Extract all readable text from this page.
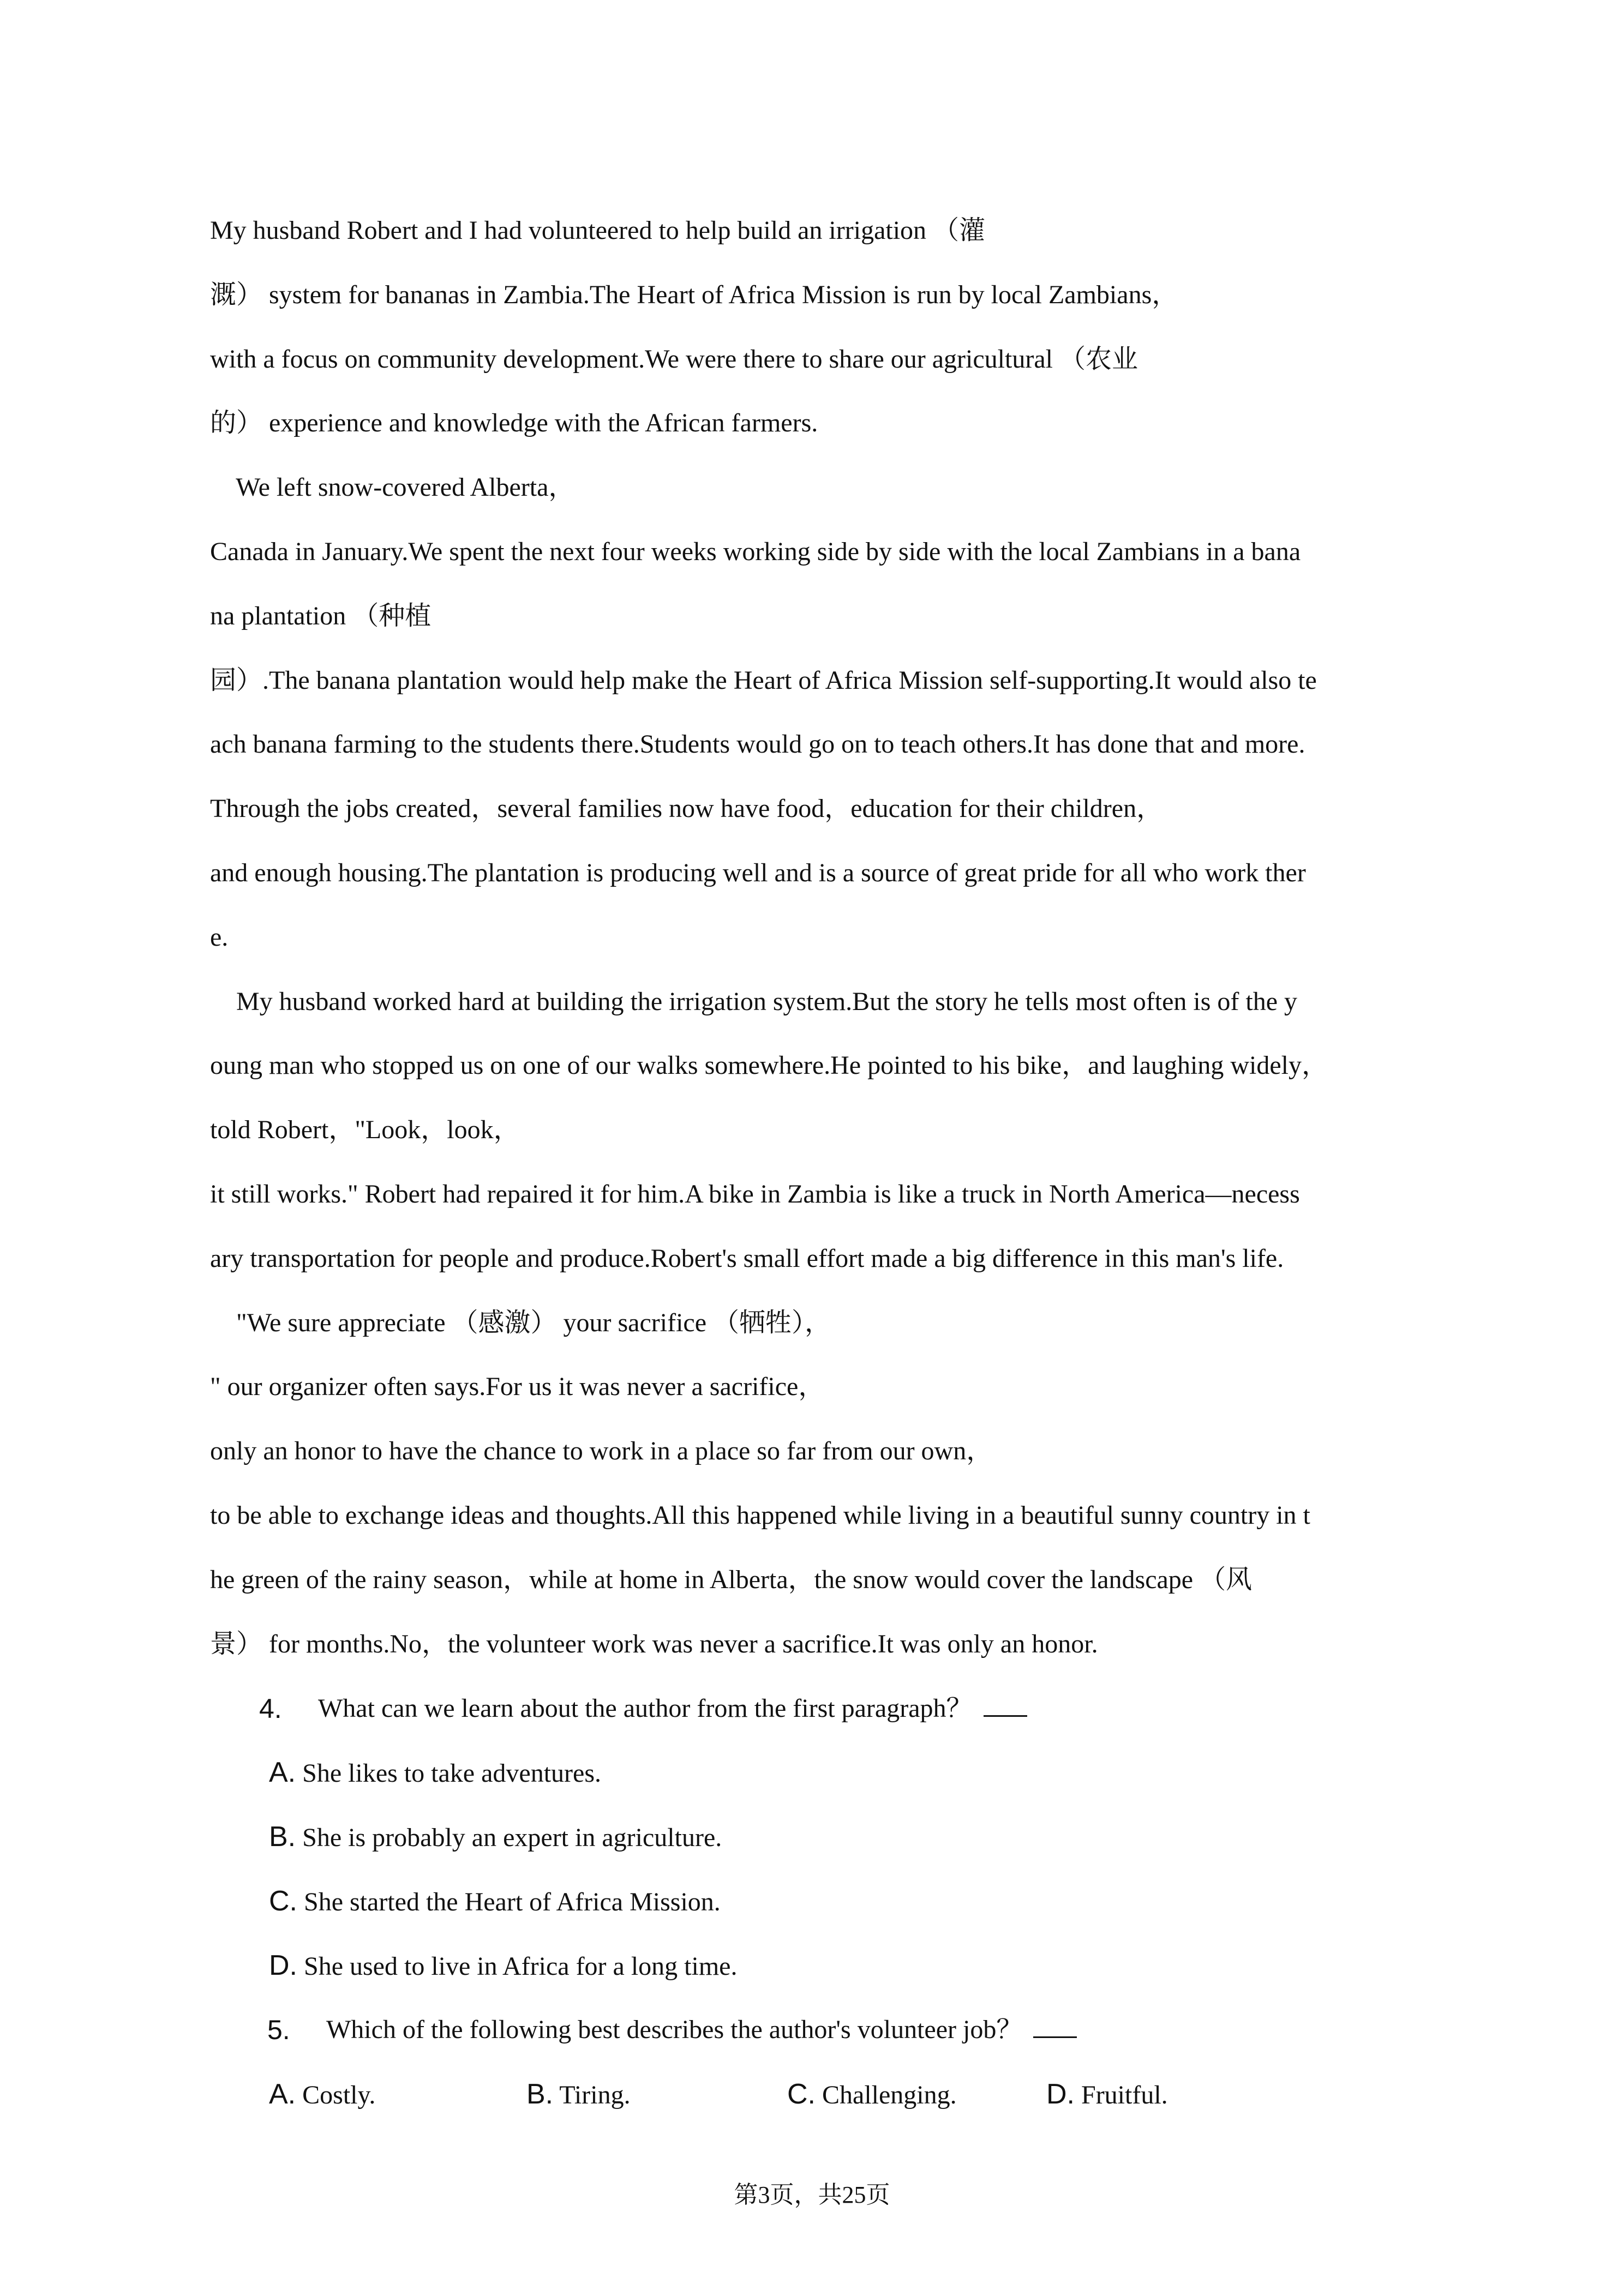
My husband Robert and I had volunteered to help build an irrigation （灌
溉） system for bananas in Zambia.The Heart of Africa Mission is run by local Zambians，
with a focus on community development.We were there to share our agricultural （农业
的） experience and knowledge with the African farmers.
We left snow-covered Alberta，
Canada in January.We spent the next four weeks working side by side with the local Zambians in a bana
na plantation （种植
园）.The banana plantation would help make the Heart of Africa Mission self-supporting.It would also te
ach banana farming to the students there.Students would go on to teach others.It has done that and more.
Through the jobs created，several families now have food，education for their children，
and enough housing.The plantation is producing well and is a source of great pride for all who work ther
e.
My husband worked hard at building the irrigation system.But the story he tells most often is of the y
oung man who stopped us on one of our walks somewhere.He pointed to his bike，and laughing widely，
told Robert，"Look，look，
it still works." Robert had repaired it for him.A bike in Zambia is like a truck in North America—necess
ary transportation for people and produce.Robert's small effort made a big difference in this man's life.
"We sure appreciate （感激） your sacrifice （牺牲），
" our organizer often says.For us it was never a sacrifice，
only an honor to have the chance to work in a place so far from our own，
to be able to exchange ideas and thoughts.All this happened while living in a beautiful sunny country in t
he green of the rainy season，while at home in Alberta，the snow would cover the landscape （风
景） for months.No，the volunteer work was never a sacrifice.It was only an honor.
4. What can we learn about the author from the first paragraph？
A. She likes to take adventures.
B. She is probably an expert in agriculture.
C. She started the Heart of Africa Mission.
D. She used to live in Africa for a long time.
5. Which of the following best describes the author's volunteer job？
A. Costly.	B. Tiring.	C. Challenging.	D. Fruitful.
第3页，共25页
